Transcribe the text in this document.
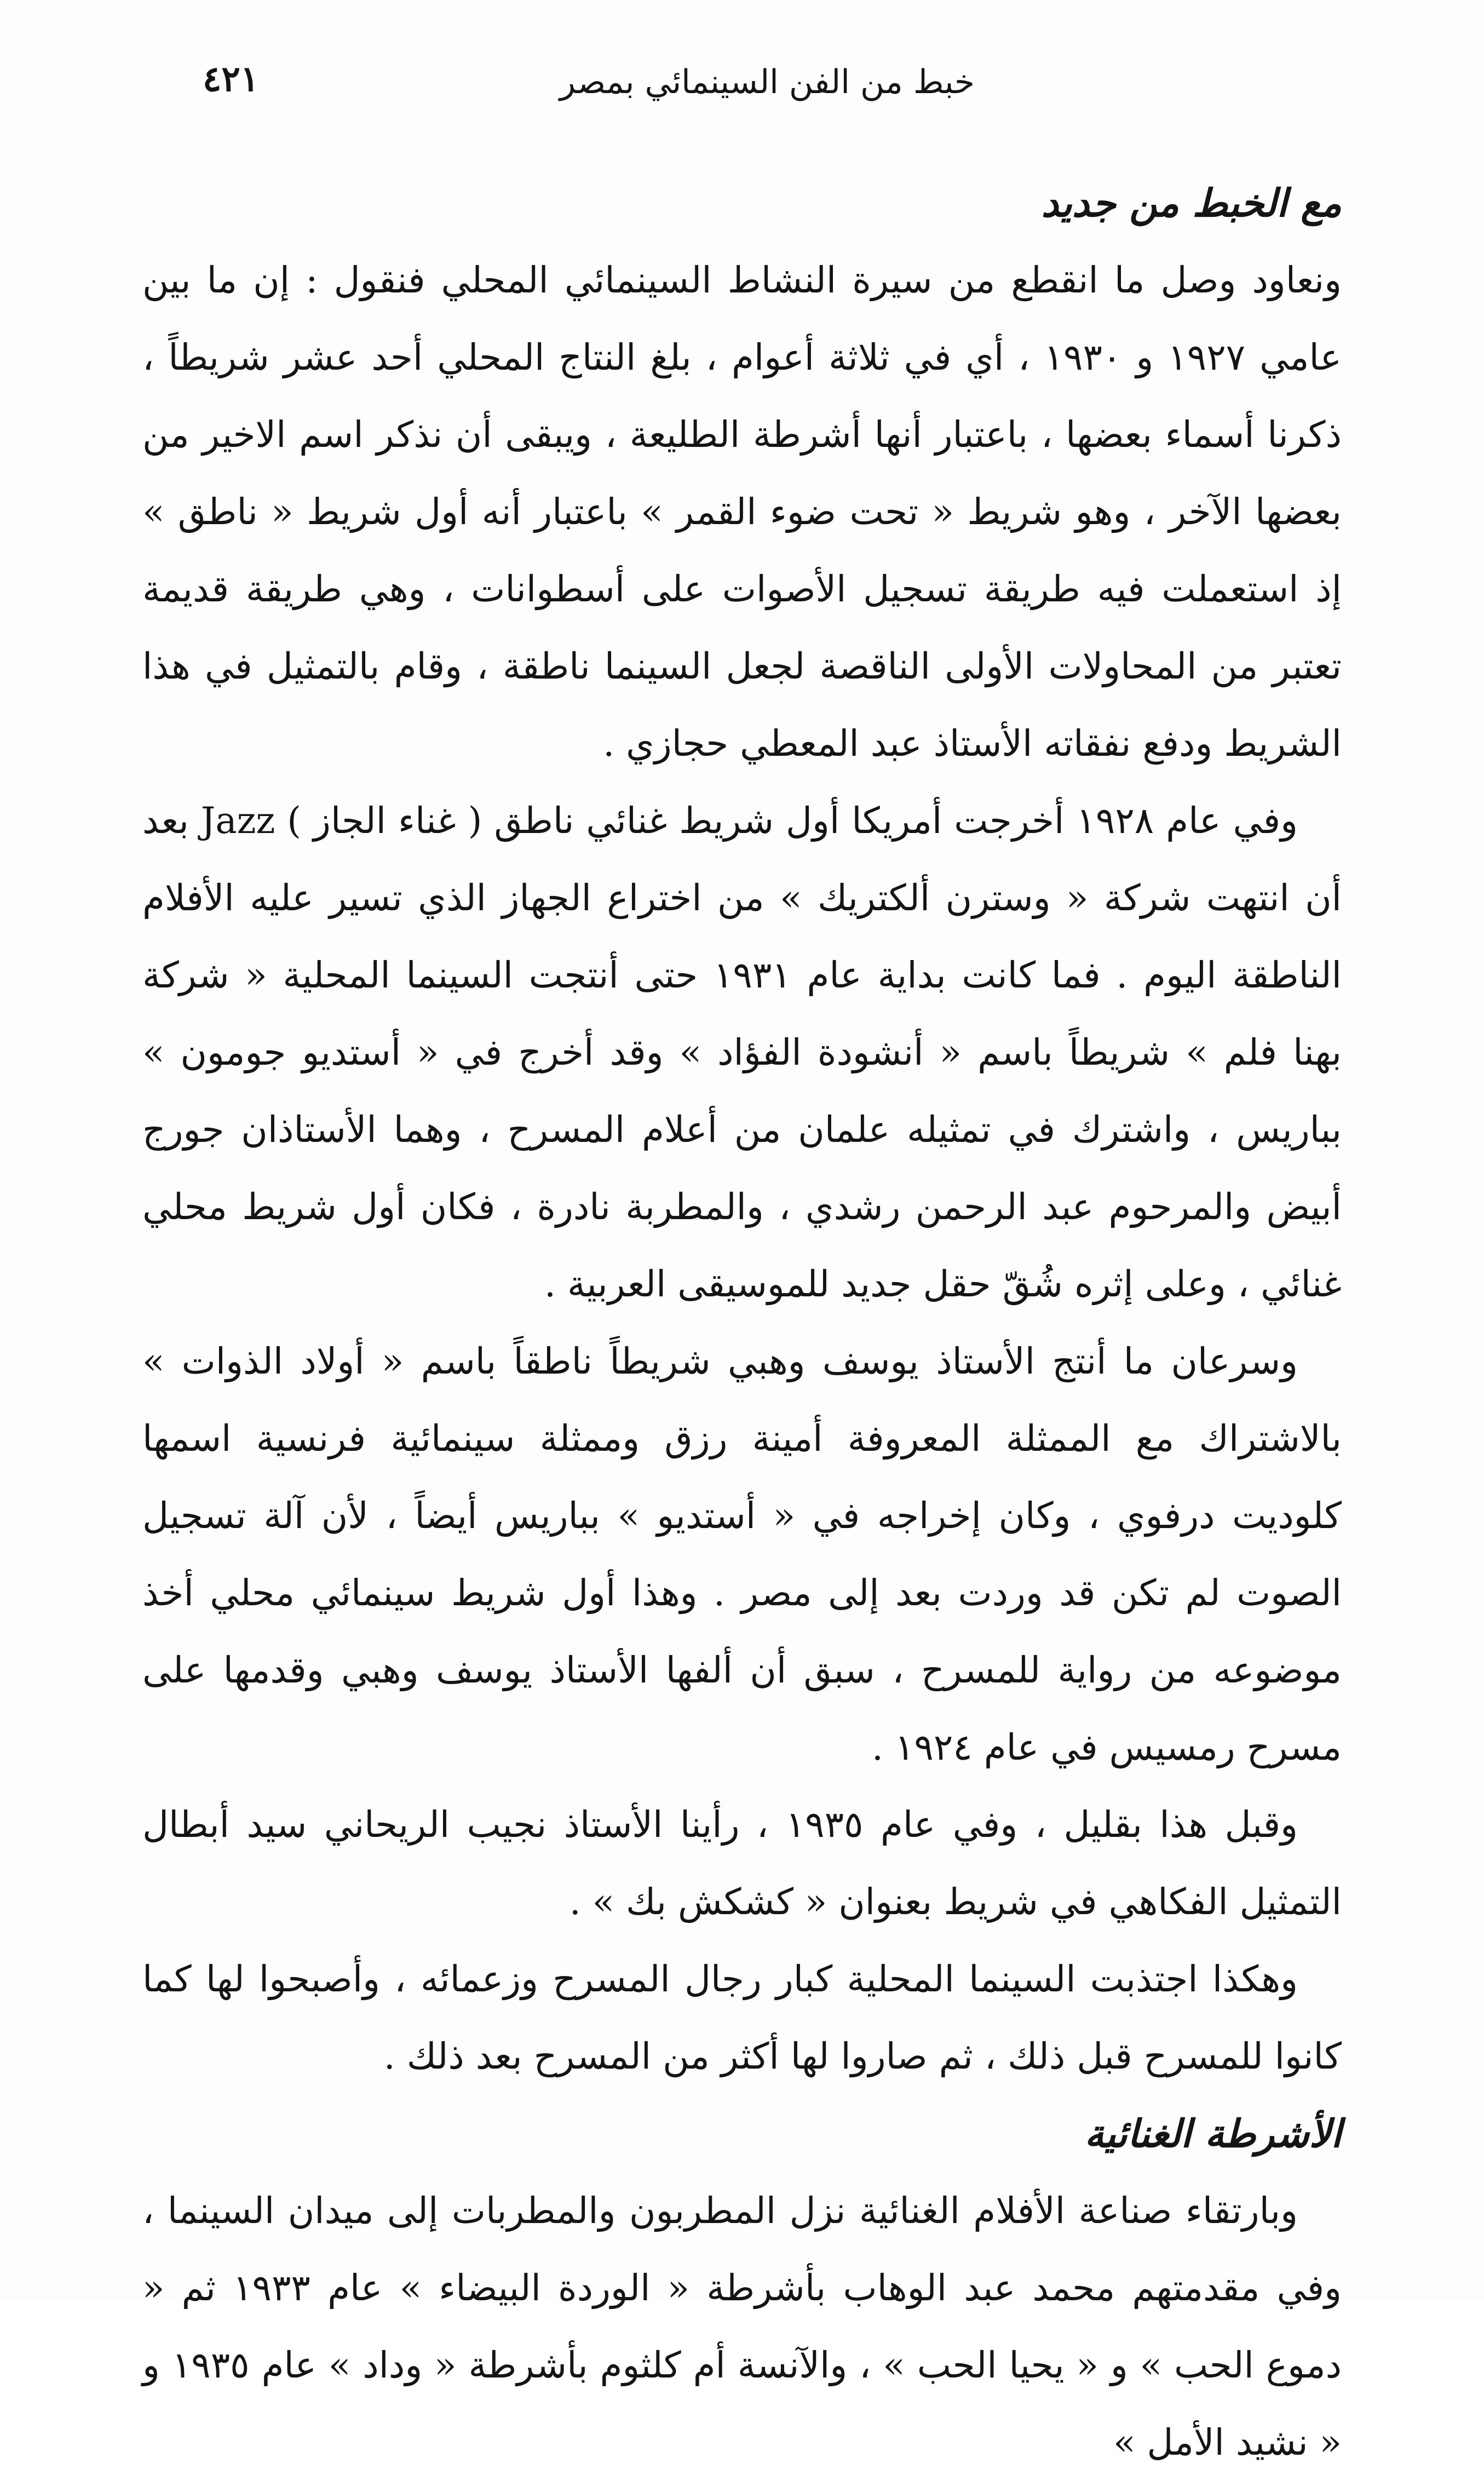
خبط من الفن السينمائي بمصر
٤٢١
مع الخبط من جديد

ونعاود وصل ما انقطع من سيرة النشاط السينمائي المحلي فنقول : إن ما بين عامي ١٩٢٧ و ١٩٣٠ ، أي في ثلاثة أعوام ، بلغ النتاج المحلي أحد عشر شريطاً ، ذكرنا أسماء بعضها ، باعتبار أنها أشرطة الطليعة ، ويبقى أن نذكر اسم الاخير من بعضها الآخر ، وهو شريط « تحت ضوء القمر » باعتبار أنه أول شريط « ناطق » إذ استعملت فيه طريقة تسجيل الأصوات على أسطوانات ، وهي طريقة قديمة تعتبر من المحاولات الأولى الناقصة لجعل السينما ناطقة ، وقام بالتمثيل في هذا الشريط ودفع نفقاته الأستاذ عبد المعطي حجازي .

وفي عام ١٩٢٨ أخرجت أمريكا أول شريط غنائي ناطق ( غناء الجاز ) Jazz بعد أن انتهت شركة « وسترن ألكتريك » من اختراع الجهاز الذي تسير عليه الأفلام الناطقة اليوم . فما كانت بداية عام ١٩٣١ حتى أنتجت السينما المحلية « شركة بهنا فلم » شريطاً باسم « أنشودة الفؤاد » وقد أخرج في « أستديو جومون » بباريس ، واشترك في تمثيله علمان من أعلام المسرح ، وهما الأستاذان جورج أبيض والمرحوم عبد الرحمن رشدي ، والمطربة نادرة ، فكان أول شريط محلي غنائي ، وعلى إثره شُقّ حقل جديد للموسيقى العربية .

وسرعان ما أنتج الأستاذ يوسف وهبي شريطاً ناطقاً باسم « أولاد الذوات » بالاشتراك مع الممثلة المعروفة أمينة رزق وممثلة سينمائية فرنسية اسمها كلوديت درفوي ، وكان إخراجه في « أستديو » بباريس أيضاً ، لأن آلة تسجيل الصوت لم تكن قد وردت بعد إلى مصر . وهذا أول شريط سينمائي محلي أخذ موضوعه من رواية للمسرح ، سبق أن ألفها الأستاذ يوسف وهبي وقدمها على مسرح رمسيس في عام ١٩٢٤ .

وقبل هذا بقليل ، وفي عام ١٩٣٥ ، رأينا الأستاذ نجيب الريحاني سيد أبطال التمثيل الفكاهي في شريط بعنوان « كشكش بك » .

وهكذا اجتذبت السينما المحلية كبار رجال المسرح وزعمائه ، وأصبحوا لها كما كانوا للمسرح قبل ذلك ، ثم صاروا لها أكثر من المسرح بعد ذلك .

الأشرطة الغنائية

وبارتقاء صناعة الأفلام الغنائية نزل المطربون والمطربات إلى ميدان السينما ، وفي مقدمتهم محمد عبد الوهاب بأشرطة « الوردة البيضاء » عام ١٩٣٣ ثم « دموع الحب » و « يحيا الحب » ، والآنسة أم كلثوم بأشرطة « وداد » عام ١٩٣٥ و « نشيد الأمل »
